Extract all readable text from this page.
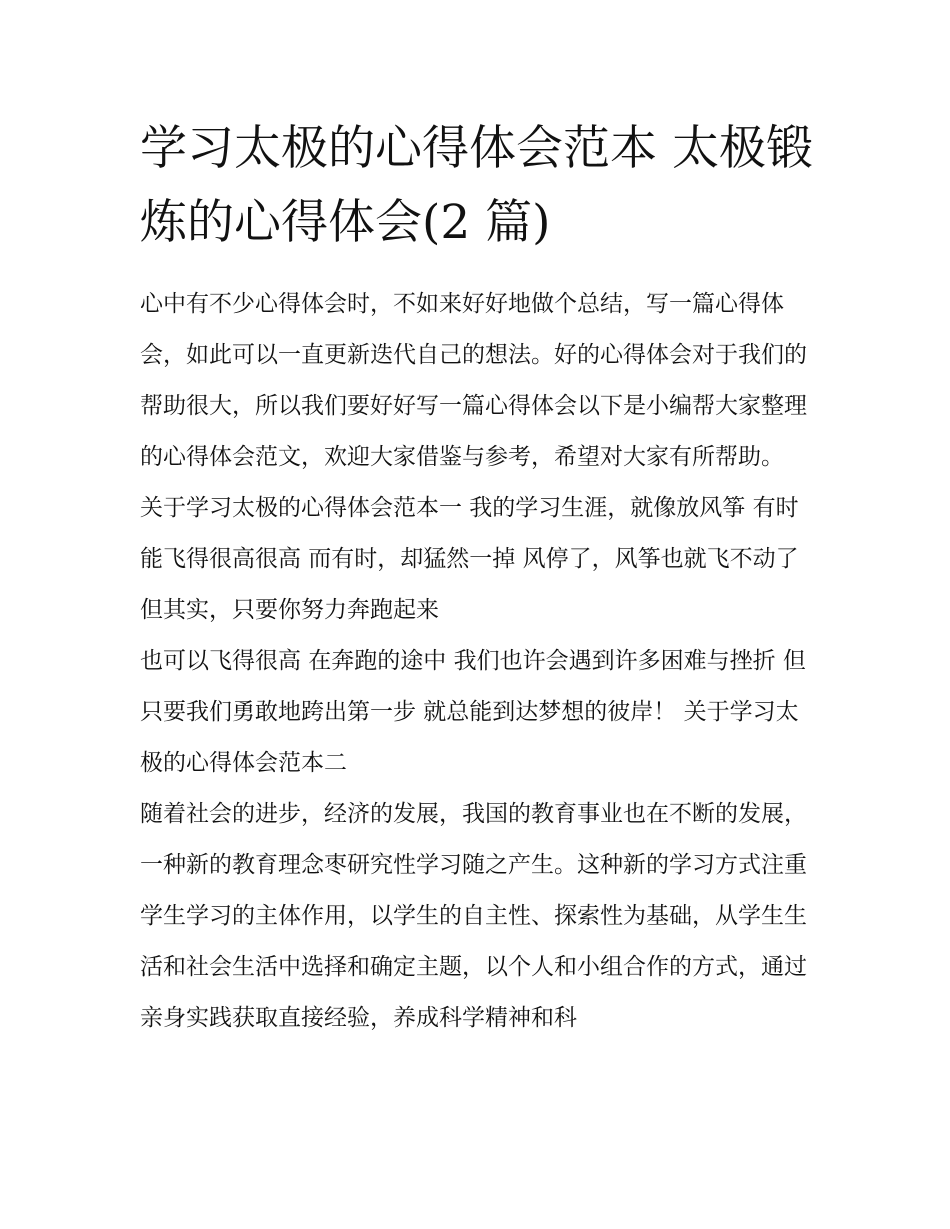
学习太极的心得体会范本 太极锻炼的心得体会(2 篇)

心中有不少心得体会时，不如来好好地做个总结，写一篇心得体会，如此可以一直更新迭代自己的想法。好的心得体会对于我们的帮助很大，所以我们要好好写一篇心得体会以下是小编帮大家整理的心得体会范文，欢迎大家借鉴与参考，希望对大家有所帮助。

关于学习太极的心得体会范本一 我的学习生涯，就像放风筝 有时能飞得很高很高 而有时，却猛然一掉 风停了，风筝也就飞不动了 但其实，只要你努力奔跑起来

也可以飞得很高 在奔跑的途中 我们也许会遇到许多困难与挫折 但只要我们勇敢地跨出第一步 就总能到达梦想的彼岸！ 关于学习太极的心得体会范本二

随着社会的进步，经济的发展，我国的教育事业也在不断的发展，一种新的教育理念枣研究性学习随之产生。这种新的学习方式注重学生学习的主体作用，以学生的自主性、探索性为基础，从学生生活和社会生活中选择和确定主题，以个人和小组合作的方式，通过亲身实践获取直接经验，养成科学精神和科
